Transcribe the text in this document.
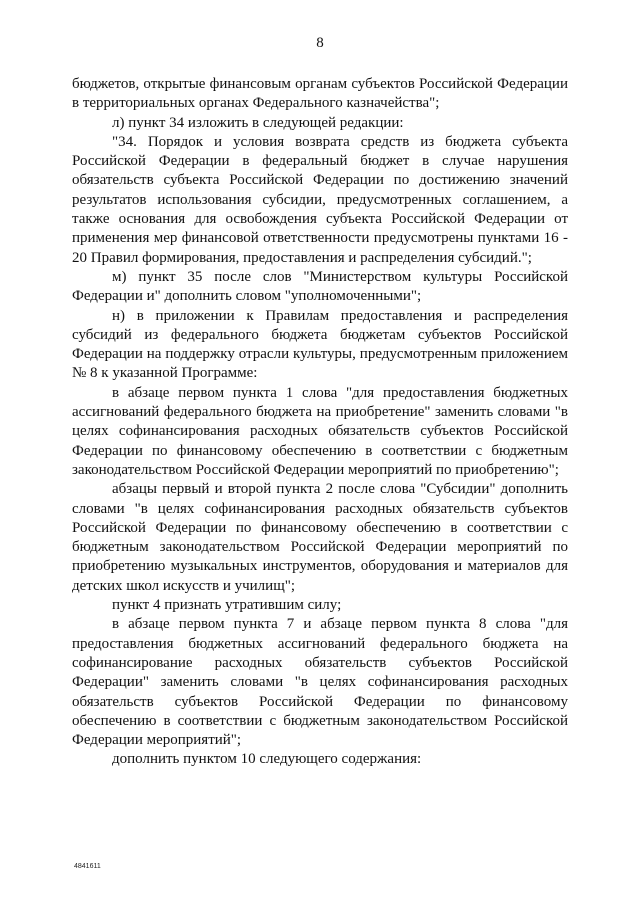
8

бюджетов, открытые финансовым органам субъектов Российской Федерации в территориальных органах Федерального казначейства";

л) пункт 34 изложить в следующей редакции:

"34. Порядок и условия возврата средств из бюджета субъекта Российской Федерации в федеральный бюджет в случае нарушения обязательств субъекта Российской Федерации по достижению значений результатов использования субсидии, предусмотренных соглашением, а также основания для освобождения субъекта Российской Федерации от применения мер финансовой ответственности предусмотрены пунктами 16 - 20 Правил формирования, предоставления и распределения субсидий.";

м) пункт 35 после слов "Министерством культуры Российской Федерации и" дополнить словом "уполномоченными";

н) в приложении к Правилам предоставления и распределения субсидий из федерального бюджета бюджетам субъектов Российской Федерации на поддержку отрасли культуры, предусмотренным приложением № 8 к указанной Программе:

в абзаце первом пункта 1 слова "для предоставления бюджетных ассигнований федерального бюджета на приобретение" заменить словами "в целях софинансирования расходных обязательств субъектов Российской Федерации по финансовому обеспечению в соответствии с бюджетным законодательством Российской Федерации мероприятий по приобретению";

абзацы первый и второй пункта 2 после слова "Субсидии" дополнить словами "в целях софинансирования расходных обязательств субъектов Российской Федерации по финансовому обеспечению в соответствии с бюджетным законодательством Российской Федерации мероприятий по приобретению музыкальных инструментов, оборудования и материалов для детских школ искусств и училищ";

пункт 4 признать утратившим силу;

в абзаце первом пункта 7 и абзаце первом пункта 8 слова "для предоставления бюджетных ассигнований федерального бюджета на софинансирование расходных обязательств субъектов Российской Федерации" заменить словами "в целях софинансирования расходных обязательств субъектов Российской Федерации по финансовому обеспечению в соответствии с бюджетным законодательством Российской Федерации мероприятий";

дополнить пунктом 10 следующего содержания:

4841611
